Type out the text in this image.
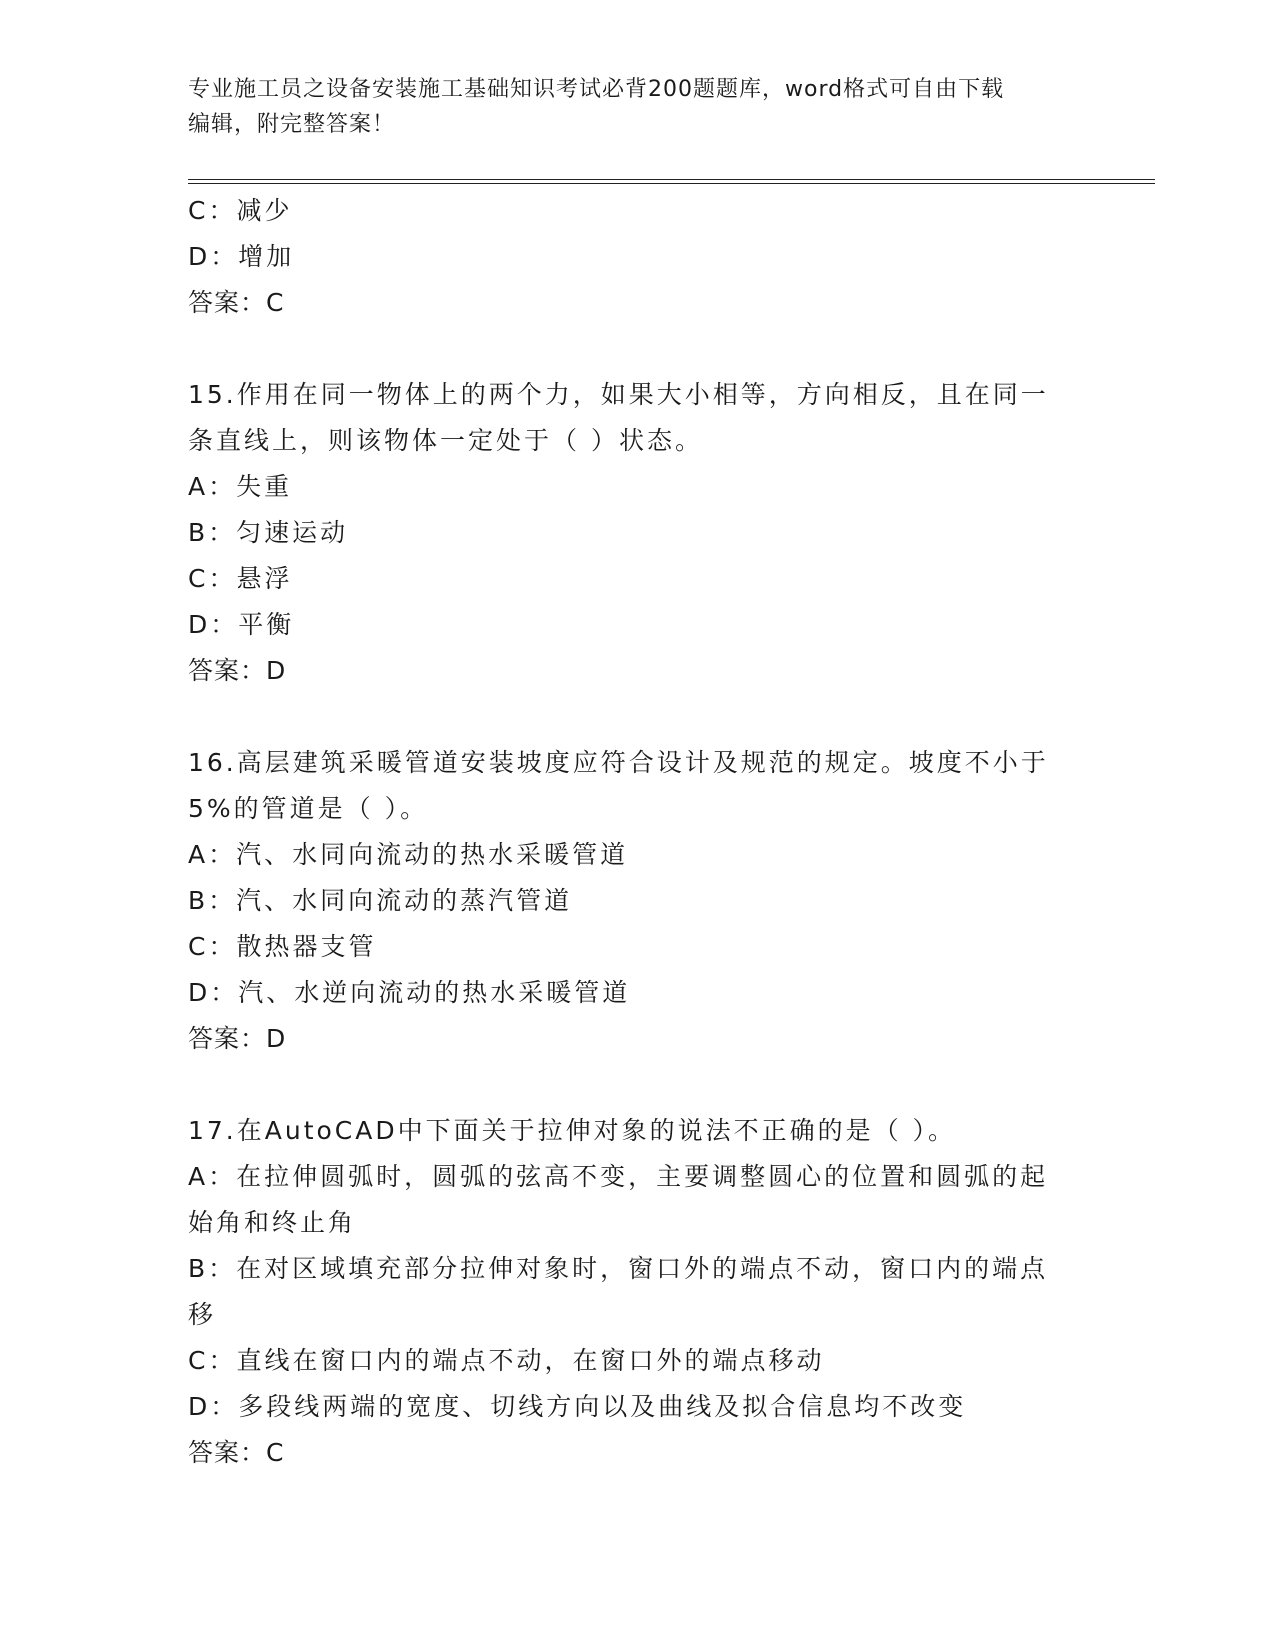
专业施工员之设备安装施工基础知识考试必背200题题库，word格式可自由下载
编辑，附完整答案！
C：减少
D：增加
答案：C
15.作用在同一物体上的两个力，如果大小相等，方向相反，且在同一
条直线上，则该物体一定处于（ ）状态。
A：失重
B：匀速运动
C：悬浮
D：平衡
答案：D
16.高层建筑采暖管道安装坡度应符合设计及规范的规定。坡度不小于
5%的管道是（ ）。
A：汽、水同向流动的热水采暖管道
B：汽、水同向流动的蒸汽管道
C：散热器支管
D：汽、水逆向流动的热水采暖管道
答案：D
17.在AutoCAD中下面关于拉伸对象的说法不正确的是（ ）。
A：在拉伸圆弧时，圆弧的弦高不变，主要调整圆心的位置和圆弧的起
始角和终止角
B：在对区域填充部分拉伸对象时，窗口外的端点不动，窗口内的端点
移
C：直线在窗口内的端点不动，在窗口外的端点移动
D：多段线两端的宽度、切线方向以及曲线及拟合信息均不改变
答案：C
